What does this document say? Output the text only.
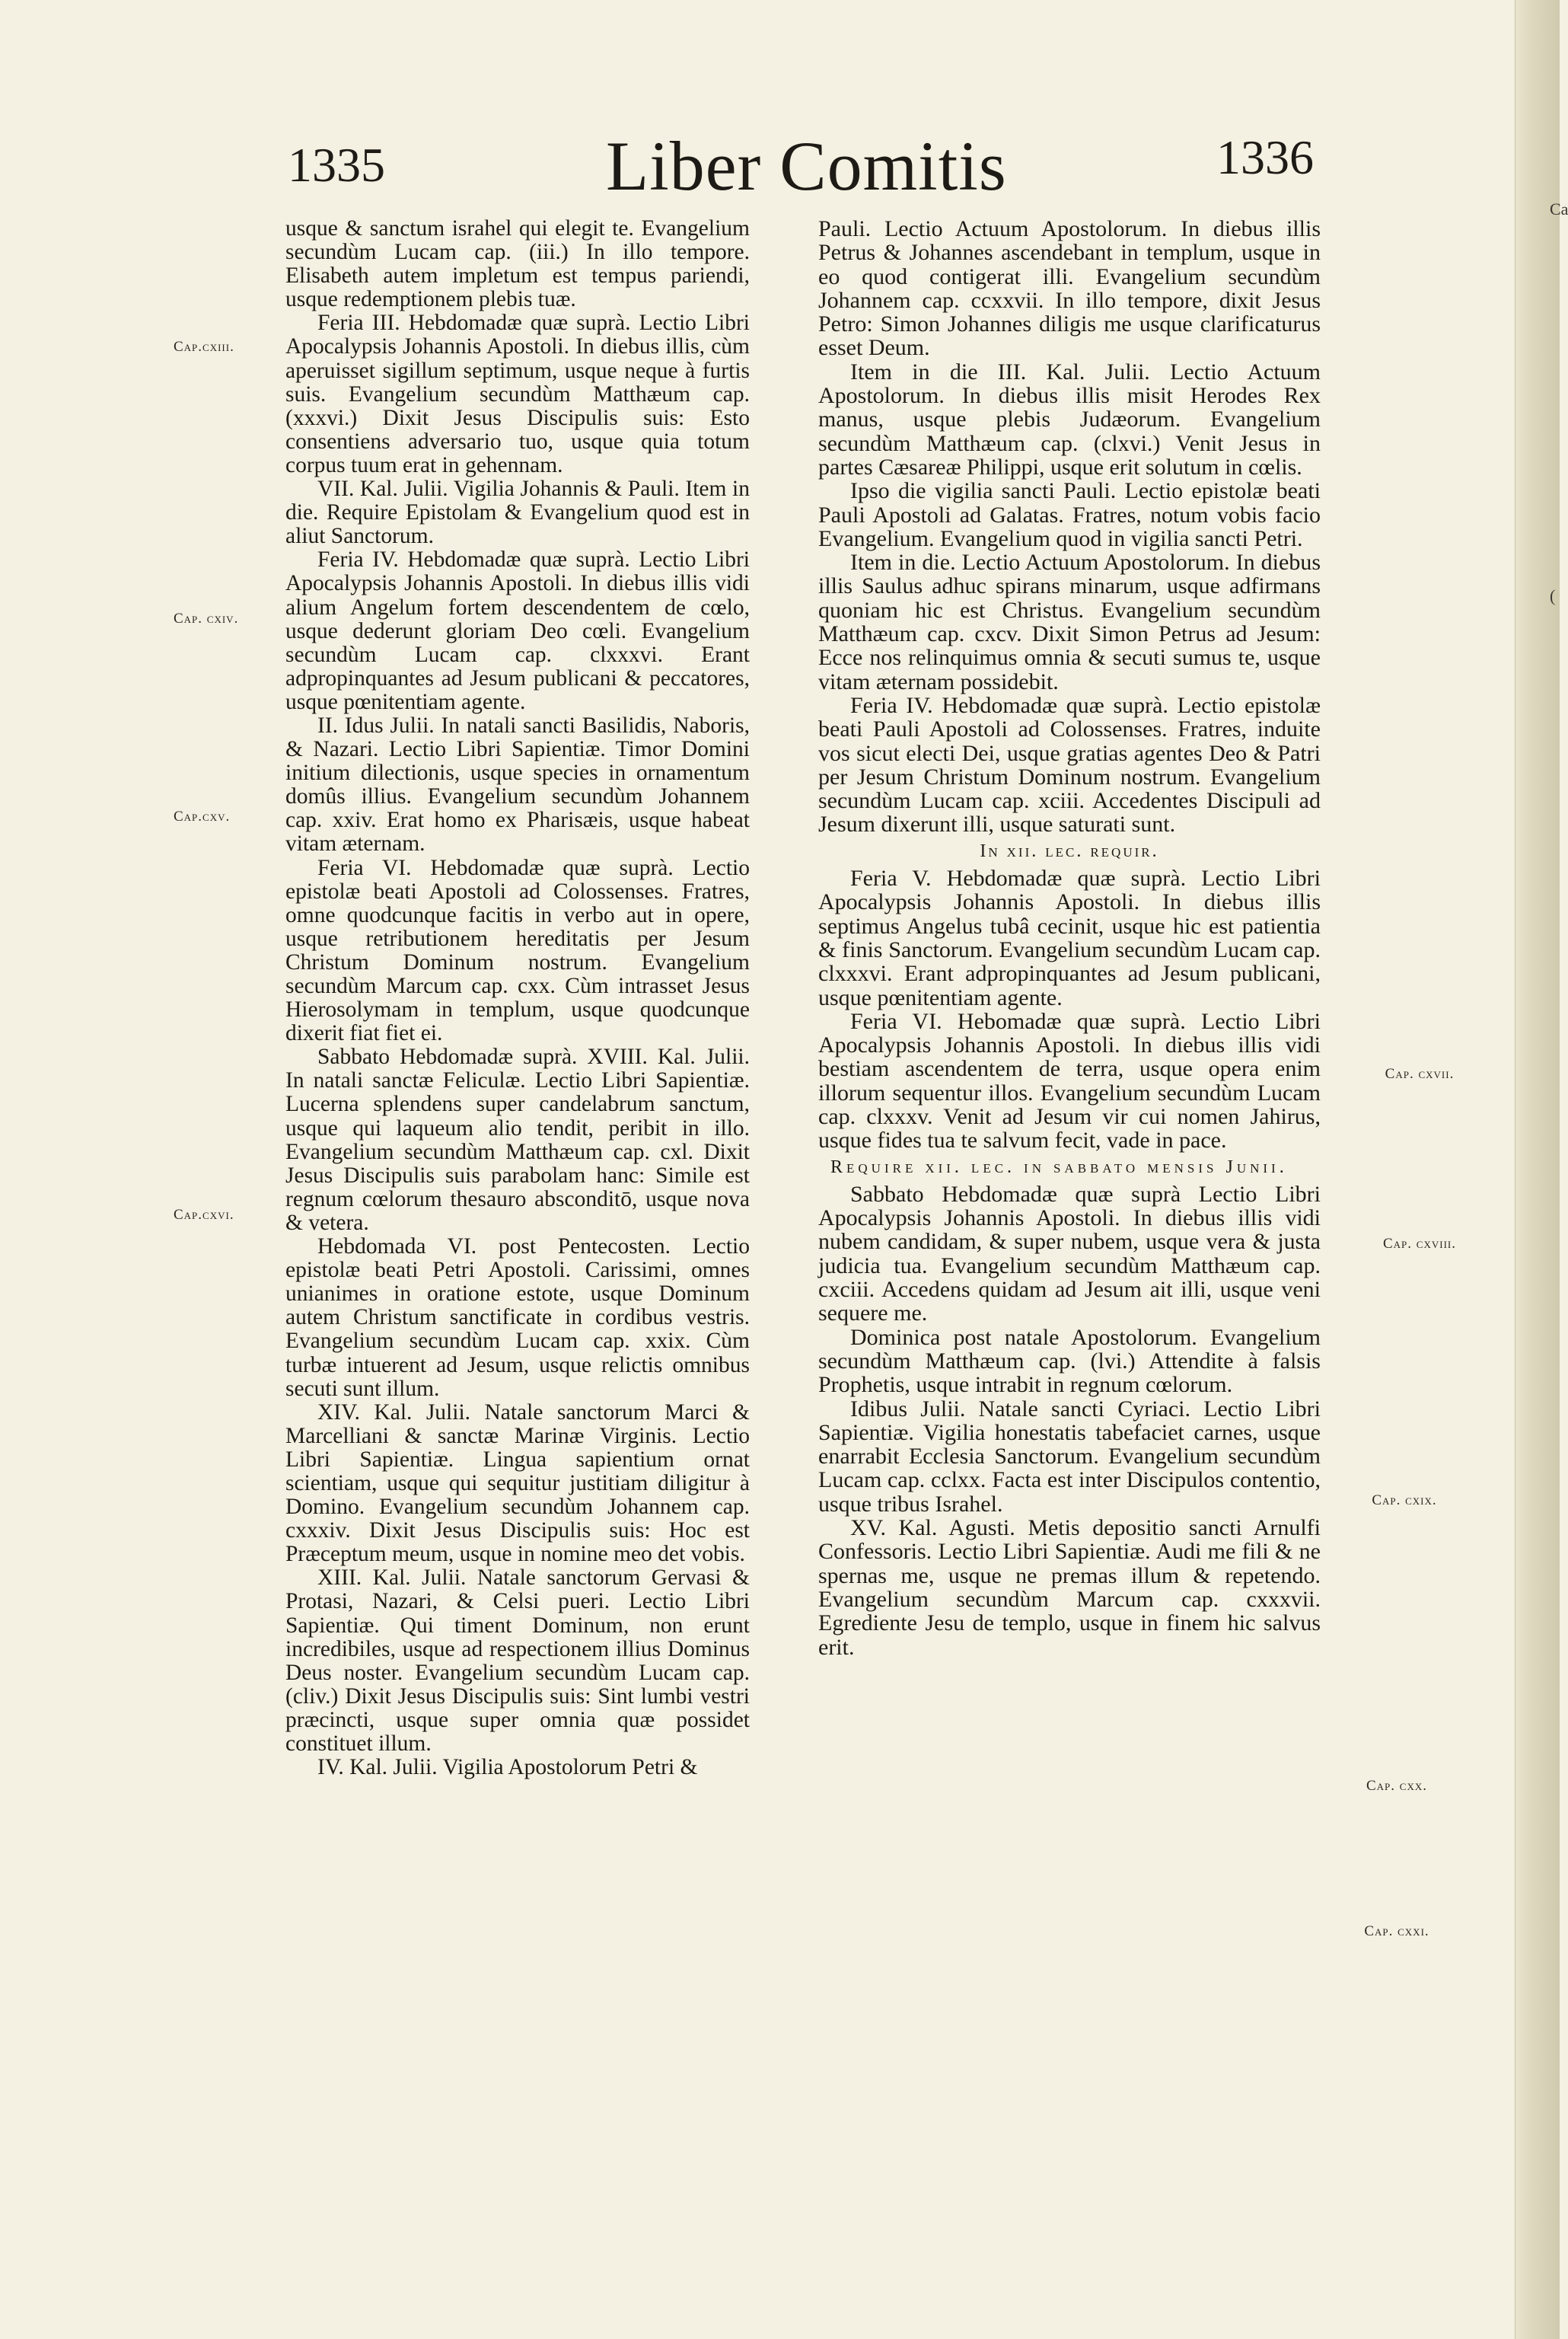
Ca
(
1335	Liber Comitis	1336
Cap.cxiii.
Cap. cxiv.
Cap.cxv.
Cap.cxvi.
Cap. cxvii.
Cap. cxviii.
Cap. cxix.
Cap. cxx.
Cap. cxxi.

usque & sanctum israhel qui elegit te. Evangelium secundùm Lucam cap. (iii.) In illo tempore. Elisabeth autem impletum est tempus pariendi, usque redemptionem plebis tuæ.

Feria III. Hebdomadæ quæ suprà. Lectio Libri Apocalypsis Johannis Apostoli. In diebus illis, cùm aperuisset sigillum septimum, usque neque à furtis suis. Evangelium secundùm Matthæum cap. (xxxvi.) Dixit Jesus Discipulis suis: Esto consentiens adversario tuo, usque quia totum corpus tuum erat in gehennam.

VII. Kal. Julii. Vigilia Johannis & Pauli. Item in die. Require Epistolam & Evangelium quod est in aliut Sanctorum.

Feria IV. Hebdomadæ quæ suprà. Lectio Libri Apocalypsis Johannis Apostoli. In diebus illis vidi alium Angelum fortem descendentem de cœlo, usque dederunt gloriam Deo cœli. Evangelium secundùm Lucam cap. clxxxvi. Erant adpropinquantes ad Jesum publicani & peccatores, usque pœnitentiam agente.

II. Idus Julii. In natali sancti Basilidis, Naboris, & Nazari. Lectio Libri Sapientiæ. Timor Domini initium dilectionis, usque species in ornamentum domûs illius. Evangelium secundùm Johannem cap. xxiv. Erat homo ex Pharisæis, usque habeat vitam æternam.

Feria VI. Hebdomadæ quæ suprà. Lectio epistolæ beati Apostoli ad Colossenses. Fratres, omne quodcunque facitis in verbo aut in opere, usque retributionem hereditatis per Jesum Christum Dominum nostrum. Evangelium secundùm Marcum cap. cxx. Cùm intrasset Jesus Hierosolymam in templum, usque quodcunque dixerit fiat fiet ei.

Sabbato Hebdomadæ suprà. XVIII. Kal. Julii. In natali sanctæ Feliculæ. Lectio Libri Sapientiæ. Lucerna splendens super candelabrum sanctum, usque qui laqueum alio tendit, peribit in illo. Evangelium secundùm Matthæum cap. cxl. Dixit Jesus Discipulis suis parabolam hanc: Simile est regnum cœlorum thesauro absconditō, usque nova & vetera.

Hebdomada VI. post Pentecosten. Lectio epistolæ beati Petri Apostoli. Carissimi, omnes unianimes in oratione estote, usque Dominum autem Christum sanctificate in cordibus vestris. Evangelium secundùm Lucam cap. xxix. Cùm turbæ intuerent ad Jesum, usque relictis omnibus secuti sunt illum.

XIV. Kal. Julii. Natale sanctorum Marci & Marcelliani & sanctæ Marinæ Virginis. Lectio Libri Sapientiæ. Lingua sapientium ornat scientiam, usque qui sequitur justitiam diligitur à Domino. Evangelium secundùm Johannem cap. cxxxiv. Dixit Jesus Discipulis suis: Hoc est Præceptum meum, usque in nomine meo det vobis.

XIII. Kal. Julii. Natale sanctorum Gervasi & Protasi, Nazari, & Celsi pueri. Lectio Libri Sapientiæ. Qui timent Dominum, non erunt incredibiles, usque ad respectionem illius Dominus Deus noster. Evangelium secundùm Lucam cap. (cliv.) Dixit Jesus Discipulis suis: Sint lumbi vestri præcincti, usque super omnia quæ possidet constituet illum.

IV. Kal. Julii. Vigilia Apostolorum Petri &

Pauli. Lectio Actuum Apostolorum. In diebus illis Petrus & Johannes ascendebant in templum, usque in eo quod contigerat illi. Evangelium secundùm Johannem cap. ccxxvii. In illo tempore, dixit Jesus Petro: Simon Johannes diligis me usque clarificaturus esset Deum.

Item in die III. Kal. Julii. Lectio Actuum Apostolorum. In diebus illis misit Herodes Rex manus, usque plebis Judæorum. Evangelium secundùm Matthæum cap. (clxvi.) Venit Jesus in partes Cæsareæ Philippi, usque erit solutum in cœlis.

Ipso die vigilia sancti Pauli. Lectio epistolæ beati Pauli Apostoli ad Galatas. Fratres, notum vobis facio Evangelium. Evangelium quod in vigilia sancti Petri.

Item in die. Lectio Actuum Apostolorum. In diebus illis Saulus adhuc spirans minarum, usque adfirmans quoniam hic est Christus. Evangelium secundùm Matthæum cap. cxcv. Dixit Simon Petrus ad Jesum: Ecce nos relinquimus omnia & secuti sumus te, usque vitam æternam possidebit.

Feria IV. Hebdomadæ quæ suprà. Lectio epistolæ beati Pauli Apostoli ad Colossenses. Fratres, induite vos sicut electi Dei, usque gratias agentes Deo & Patri per Jesum Christum Dominum nostrum. Evangelium secundùm Lucam cap. xciii. Accedentes Discipuli ad Jesum dixerunt illi, usque saturati sunt.

In xii. lec. requir.

Feria V. Hebdomadæ quæ suprà. Lectio Libri Apocalypsis Johannis Apostoli. In diebus illis septimus Angelus tubâ cecinit, usque hic est patientia & finis Sanctorum. Evangelium secundùm Lucam cap. clxxxvi. Erant adpropinquantes ad Jesum publicani, usque pœnitentiam agente.

Feria VI. Hebomadæ quæ suprà. Lectio Libri Apocalypsis Johannis Apostoli. In diebus illis vidi bestiam ascendentem de terra, usque opera enim illorum sequentur illos. Evangelium secundùm Lucam cap. clxxxv. Venit ad Jesum vir cui nomen Jahirus, usque fides tua te salvum fecit, vade in pace.

Require xii. lec. in sabbato mensis Junii.

Sabbato Hebdomadæ quæ suprà Lectio Libri Apocalypsis Johannis Apostoli. In diebus illis vidi nubem candidam, & super nubem, usque vera & justa judicia tua. Evangelium secundùm Matthæum cap. cxciii. Accedens quidam ad Jesum ait illi, usque veni sequere me.

Dominica post natale Apostolorum. Evangelium secundùm Matthæum cap. (lvi.) Attendite à falsis Prophetis, usque intrabit in regnum cœlorum.

Idibus Julii. Natale sancti Cyriaci. Lectio Libri Sapientiæ. Vigilia honestatis tabefaciet carnes, usque enarrabit Ecclesia Sanctorum. Evangelium secundùm Lucam cap. cclxx. Facta est inter Discipulos contentio, usque tribus Israhel.

XV. Kal. Agusti. Metis depositio sancti Arnulfi Confessoris. Lectio Libri Sapientiæ. Audi me fili & ne spernas me, usque ne premas illum & repetendo. Evangelium secundùm Marcum cap. cxxxvii. Egrediente Jesu de templo, usque in finem hic salvus erit.
